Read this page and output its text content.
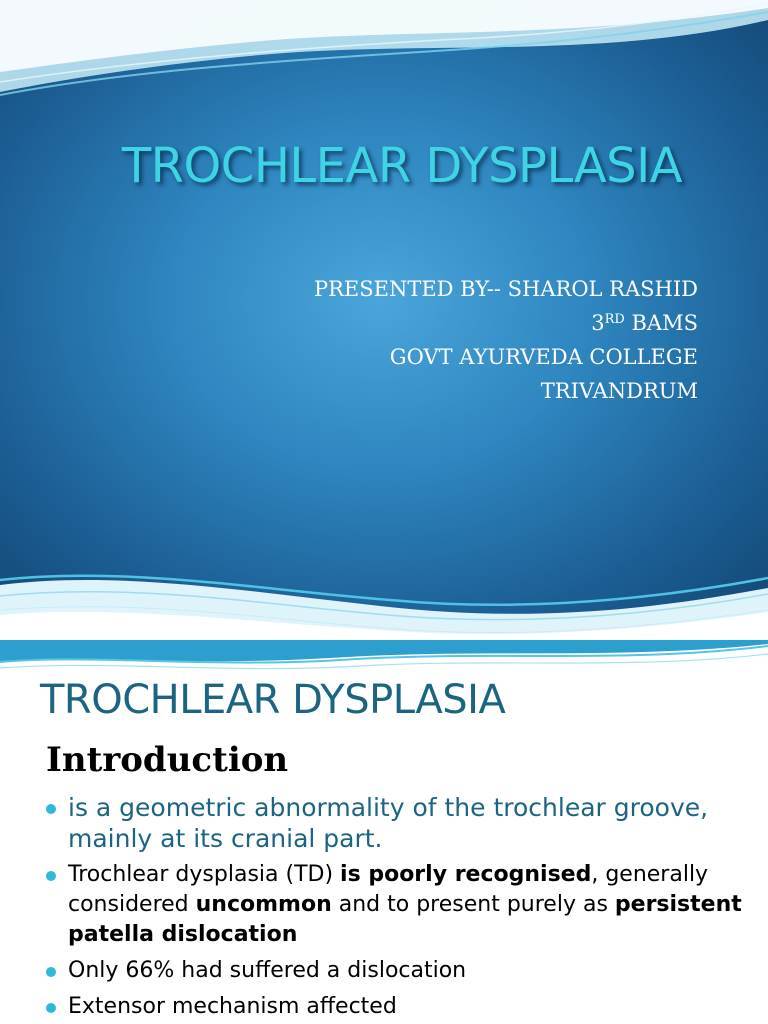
TROCHLEAR DYSPLASIA
PRESENTED BY-- SHAROL RASHID
3RD BAMS
GOVT AYURVEDA COLLEGE
TRIVANDRUM
TROCHLEAR DYSPLASIA
Introduction
is a geometric abnormality of the trochlear groove, mainly at its cranial part.
Trochlear dysplasia (TD) is poorly recognised, generally considered uncommon and to present purely as persistent patella dislocation
Only 66% had suffered a dislocation
Extensor mechanism affected
